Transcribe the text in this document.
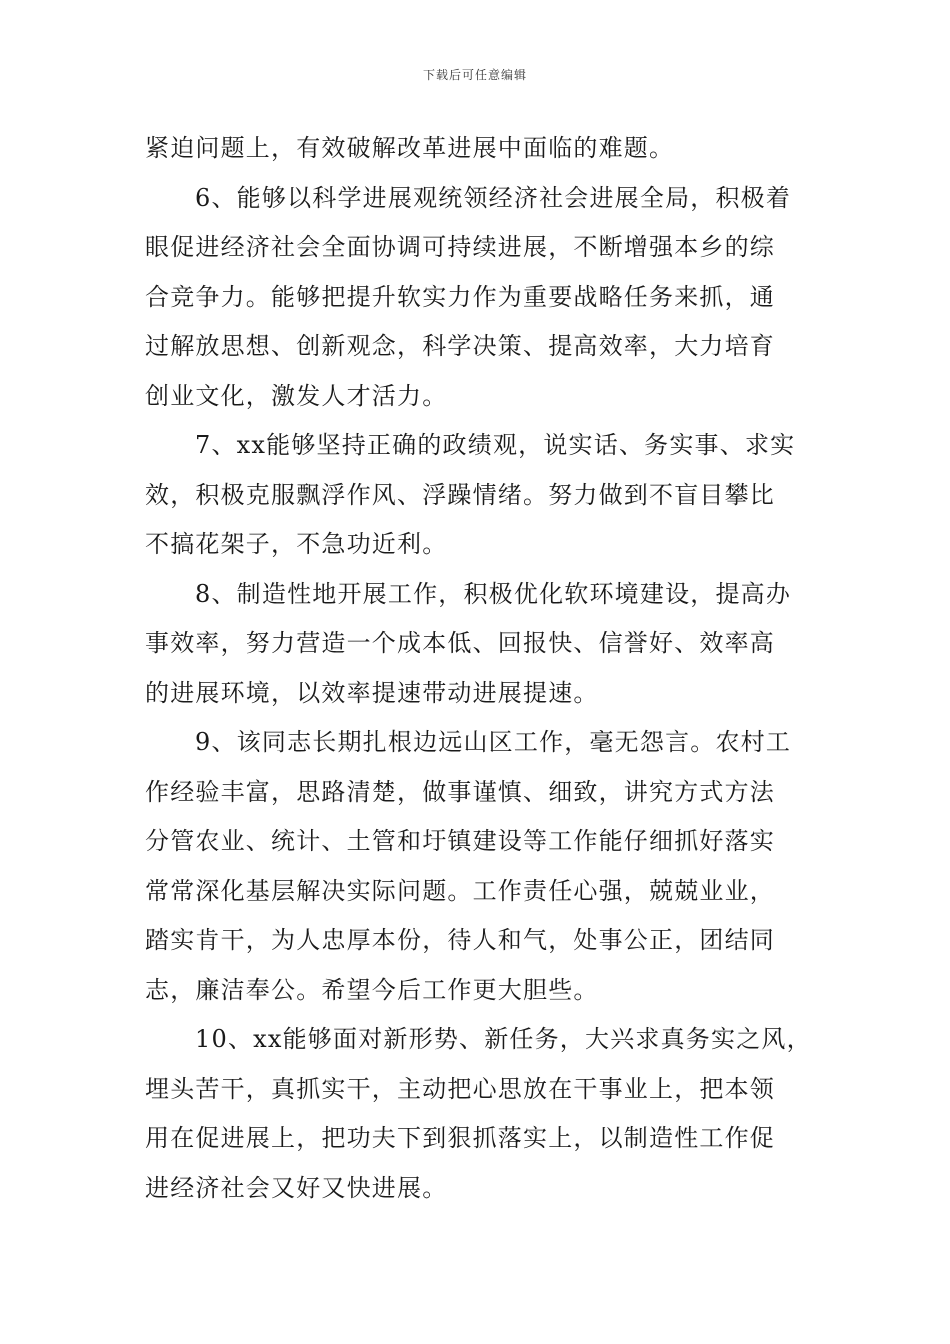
下载后可任意编辑
紧迫问题上，有效破解改革进展中面临的难题。
6、能够以科学进展观统领经济社会进展全局，积极着
眼促进经济社会全面协调可持续进展，不断增强本乡的综
合竞争力。能够把提升软实力作为重要战略任务来抓，通
过解放思想、创新观念，科学决策、提高效率，大力培育
创业文化，激发人才活力。
7、xx能够坚持正确的政绩观，说实话、务实事、求实
效，积极克服飘浮作风、浮躁情绪。努力做到不盲目攀比
不搞花架子，不急功近利。
8、制造性地开展工作，积极优化软环境建设，提高办
事效率，努力营造一个成本低、回报快、信誉好、效率高
的进展环境，以效率提速带动进展提速。
9、该同志长期扎根边远山区工作，毫无怨言。农村工
作经验丰富，思路清楚，做事谨慎、细致，讲究方式方法
分管农业、统计、土管和圩镇建设等工作能仔细抓好落实
常常深化基层解决实际问题。工作责任心强，兢兢业业，
踏实肯干，为人忠厚本份，待人和气，处事公正，团结同
志，廉洁奉公。希望今后工作更大胆些。
10、xx能够面对新形势、新任务，大兴求真务实之风，
埋头苦干，真抓实干，主动把心思放在干事业上，把本领
用在促进展上，把功夫下到狠抓落实上，以制造性工作促
进经济社会又好又快进展。
